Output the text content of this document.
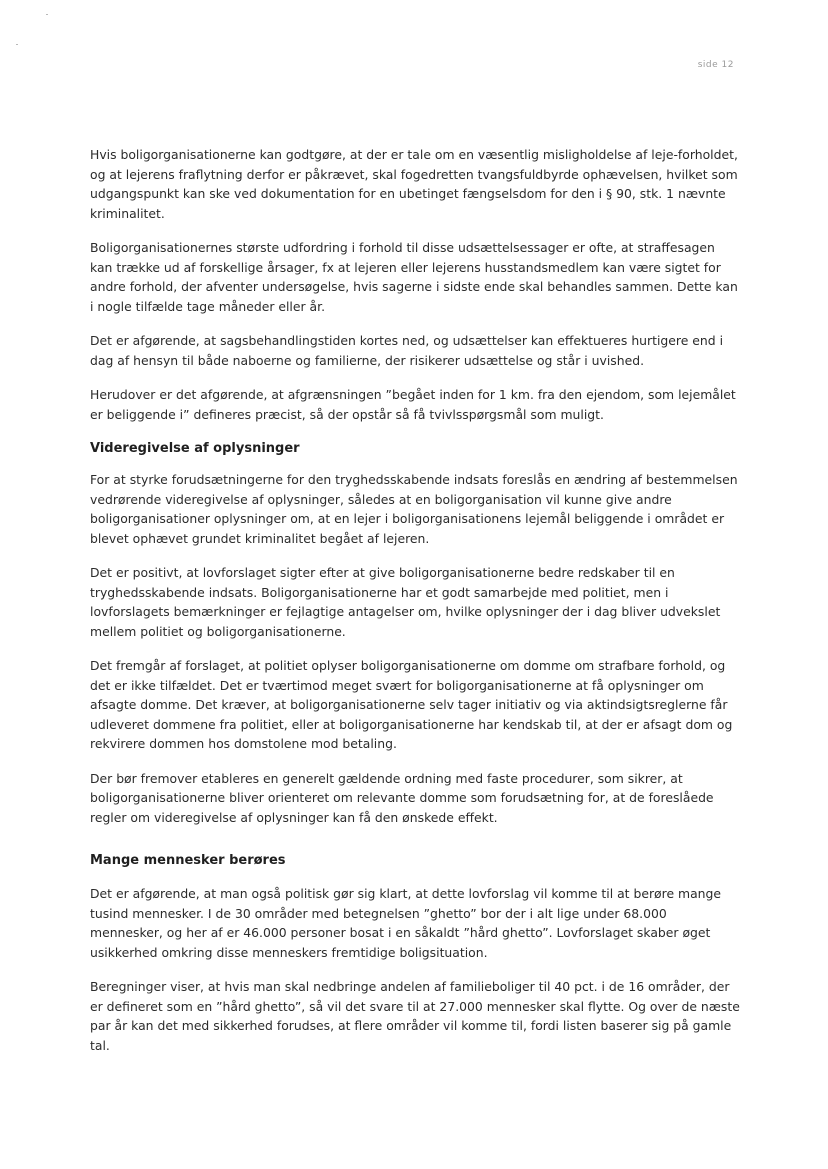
side 12

Hvis boligorganisationerne kan godtgøre, at der er tale om en væsentlig misligholdelse af leje-forholdet, og at lejerens fraflytning derfor er påkrævet, skal fogedretten tvangsfuldbyrde ophævelsen, hvilket som udgangspunkt kan ske ved dokumentation for en ubetinget fængselsdom for den i § 90, stk. 1 nævnte kriminalitet.

Boligorganisationernes største udfordring i forhold til disse udsættelsessager er ofte, at straffesagen kan trække ud af forskellige årsager, fx at lejeren eller lejerens husstandsmedlem kan være sigtet for andre forhold, der afventer undersøgelse, hvis sagerne i sidste ende skal behandles sammen. Dette kan i nogle tilfælde tage måneder eller år.

Det er afgørende, at sagsbehandlingstiden kortes ned, og udsættelser kan effektueres hurtigere end i dag af hensyn til både naboerne og familierne, der risikerer udsættelse og står i uvished.

Herudover er det afgørende, at afgrænsningen ”begået inden for 1 km. fra den ejendom, som lejemålet er beliggende i” defineres præcist, så der opstår så få tvivlsspørgsmål som muligt.

Videregivelse af oplysninger

For at styrke forudsætningerne for den tryghedsskabende indsats foreslås en ændring af bestemmelsen vedrørende videregivelse af oplysninger, således at en boligorganisation vil kunne give andre boligorganisationer oplysninger om, at en lejer i boligorganisationens lejemål beliggende i området er blevet ophævet grundet kriminalitet begået af lejeren.

Det er positivt, at lovforslaget sigter efter at give boligorganisationerne bedre redskaber til en tryghedsskabende indsats. Boligorganisationerne har et godt samarbejde med politiet, men i lovforslagets bemærkninger er fejlagtige antagelser om, hvilke oplysninger der i dag bliver udvekslet mellem politiet og boligorganisationerne.

Det fremgår af forslaget, at politiet oplyser boligorganisationerne om domme om strafbare forhold, og det er ikke tilfældet. Det er tværtimod meget svært for boligorganisationerne at få oplysninger om afsagte domme. Det kræver, at boligorganisationerne selv tager initiativ og via aktindsigtsreglerne får udleveret dommene fra politiet, eller at boligorganisationerne har kendskab til, at der er afsagt dom og rekvirere dommen hos domstolene mod betaling.

Der bør fremover etableres en generelt gældende ordning med faste procedurer, som sikrer, at boligorganisationerne bliver orienteret om relevante domme som forudsætning for, at de foreslåede regler om videregivelse af oplysninger kan få den ønskede effekt.

Mange mennesker berøres

Det er afgørende, at man også politisk gør sig klart, at dette lovforslag vil komme til at berøre mange tusind mennesker. I de 30 områder med betegnelsen ”ghetto” bor der i alt lige under 68.000 mennesker, og her af er 46.000 personer bosat i en såkaldt ”hård ghetto”. Lovforslaget skaber øget usikkerhed omkring disse menneskers fremtidige boligsituation.

Beregninger viser, at hvis man skal nedbringe andelen af familieboliger til 40 pct. i de 16 områder, der er defineret som en ”hård ghetto”, så vil det svare til at 27.000 mennesker skal flytte. Og over de næste par år kan det med sikkerhed forudses, at flere områder vil komme til, fordi listen baserer sig på gamle tal.
